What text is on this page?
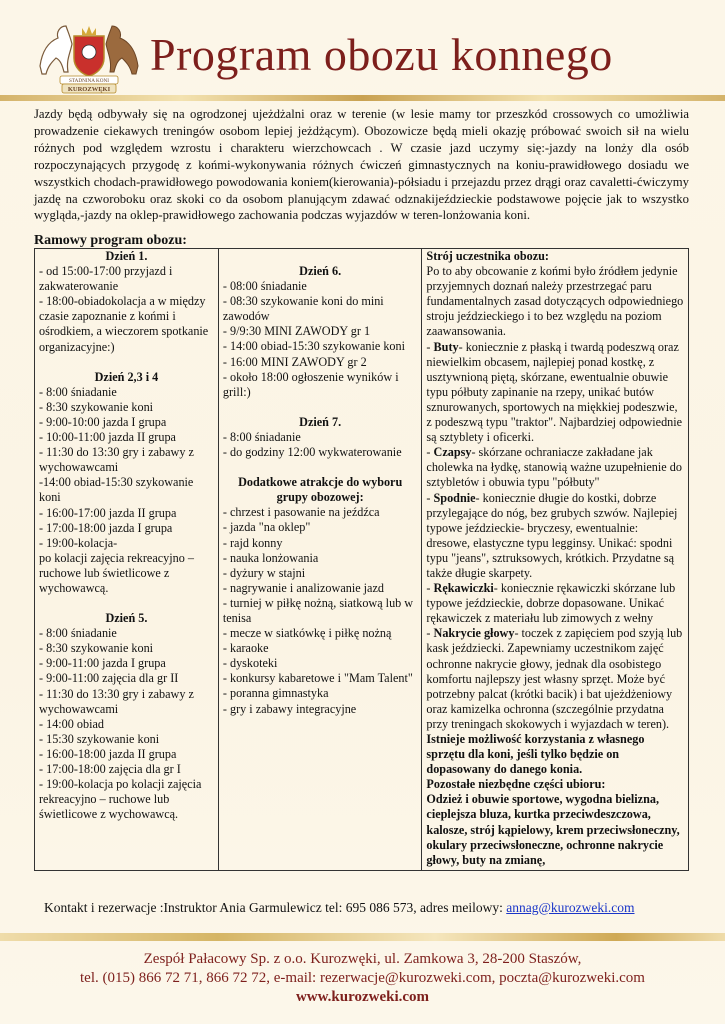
STADNINA KONI
KUROZWĘKI
Program obozu konnego
Jazdy będą odbywały się na ogrodzonej ujeżdżalni oraz w terenie (w lesie mamy tor przeszkód crossowych co umożliwia prowadzenie ciekawych treningów osobom lepiej jeżdżącym). Obozowicze będą mieli okazję próbować swoich sił na wielu różnych pod względem wzrostu i charakteru wierzchowcach . W czasie jazd uczymy się:-jazdy na lonży dla osób rozpoczynających przygodę z końmi-wykonywania różnych ćwiczeń gimnastycznych na koniu-prawidłowego dosiadu we wszystkich chodach-prawidłowego powodowania koniem(kierowania)-półsiadu i przejazdu przez drągi oraz cavaletti-ćwiczymy jazdę na czworoboku oraz skoki co da osobom planującym zdawać odznakijeździeckie podstawowe pojęcie jak to wszystko wygląda,-jazdy na oklep-prawidłowego zachowania podczas wyjazdów w teren-lonżowania koni.
Ramowy program obozu:
Dzień 1.
- od 15:00-17:00 przyjazd i zakwaterowanie
- 18:00-obiadokolacja a w między czasie zapoznanie z końmi i ośrodkiem, a wieczorem spotkanie organizacyjne:)
Dzień 2,3 i 4
- 8:00 śniadanie
- 8:30 szykowanie koni
- 9:00-10:00 jazda I grupa
- 10:00-11:00 jazda II grupa
- 11:30 do 13:30 gry i zabawy z wychowawcami
-14:00 obiad-15:30 szykowanie koni
- 16:00-17:00 jazda II grupa
- 17:00-18:00 jazda I grupa
- 19:00-kolacja-
po kolacji zajęcia rekreacyjno – ruchowe lub świetlicowe z wychowawcą.
Dzień 5.
- 8:00 śniadanie
- 8:30 szykowanie koni
- 9:00-11:00 jazda I grupa
- 9:00-11:00 zajęcia dla gr II
- 11:30 do 13:30 gry i zabawy z wychowawcami
- 14:00 obiad
- 15:30 szykowanie koni
- 16:00-18:00 jazda II grupa
- 17:00-18:00 zajęcia dla gr I
- 19:00-kolacja po kolacji zajęcia rekreacyjno – ruchowe lub świetlicowe z wychowawcą.

Dzień 6.
- 08:00 śniadanie
- 08:30 szykowanie koni do mini zawodów
- 9/9:30 MINI ZAWODY gr 1
- 14:00 obiad-15:30 szykowanie koni
- 16:00 MINI ZAWODY gr 2
- około 18:00 ogłoszenie wyników i grill:)
Dzień 7.
- 8:00 śniadanie
- do godziny 12:00 wykwaterowanie
Dodatkowe atrakcje do wyboru grupy obozowej:
- chrzest i pasowanie na jeźdźca
- jazda "na oklep"
- rajd konny
- nauka lonżowania
- dyżury w stajni
- nagrywanie i analizowanie jazd
- turniej w piłkę nożną, siatkową lub w tenisa
- mecze w siatkówkę i piłkę nożną
- karaoke
- dyskoteki
- konkursy kabaretowe i "Mam Talent"
- poranna gimnastyka
- gry i zabawy integracyjne

Strój uczestnika obozu:
Po to aby obcowanie z końmi było źródłem jedynie przyjemnych doznań należy przestrzegać paru fundamentalnych zasad dotyczących odpowiedniego stroju jeździeckiego i to bez względu na poziom zaawansowania.
- Buty- koniecznie z płaską i twardą podeszwą oraz niewielkim obcasem, najlepiej ponad kostkę, z usztywnioną piętą, skórzane, ewentualnie obuwie typu półbuty zapinanie na rzepy, unikać butów sznurowanych, sportowych na miękkiej podeszwie, z podeszwą typu "traktor". Najbardziej odpowiednie są sztyblety i oficerki.
- Czapsy- skórzane ochraniacze zakładane jak cholewka na łydkę, stanowią ważne uzupełnienie do sztybletów i obuwia typu "półbuty"
- Spodnie- koniecznie długie do kostki, dobrze przylegające do nóg, bez grubych szwów. Najlepiej typowe jeździeckie- bryczesy, ewentualnie: dresowe, elastyczne typu legginsy. Unikać: spodni typu "jeans", sztruksowych, krótkich. Przydatne są także długie skarpety.
- Rękawiczki- koniecznie rękawiczki skórzane lub typowe jeździeckie, dobrze dopasowane. Unikać rękawiczek z materiału lub zimowych z wełny
- Nakrycie głowy- toczek z zapięciem pod szyją lub kask jeździecki. Zapewniamy uczestnikom zajęć ochronne nakrycie głowy, jednak dla osobistego komfortu najlepszy jest własny sprzęt. Może być potrzebny palcat (krótki bacik) i bat ujeżdżeniowy oraz kamizelka ochronna (szczególnie przydatna przy treningach skokowych i wyjazdach w teren).
Istnieje możliwość korzystania z własnego sprzętu dla koni, jeśli tylko będzie on dopasowany do danego konia.
Pozostałe niezbędne części ubioru:
Odzież i obuwie sportowe, wygodna bielizna, cieplejsza bluza, kurtka przeciwdeszczowa, kalosze, strój kąpielowy, krem przeciwsłoneczny, okulary przeciwsłoneczne, ochronne nakrycie głowy, buty na zmianę,
Kontakt i rezerwacje :Instruktor Ania Garmulewicz tel: 695 086 573, adres meilowy: annag@kurozweki.com
Zespół Pałacowy Sp. z o.o. Kurozwęki, ul. Zamkowa 3, 28-200 Staszów,
tel. (015) 866 72 71, 866 72 72, e-mail: rezerwacje@kurozweki.com, poczta@kurozweki.com
www.kurozweki.com
